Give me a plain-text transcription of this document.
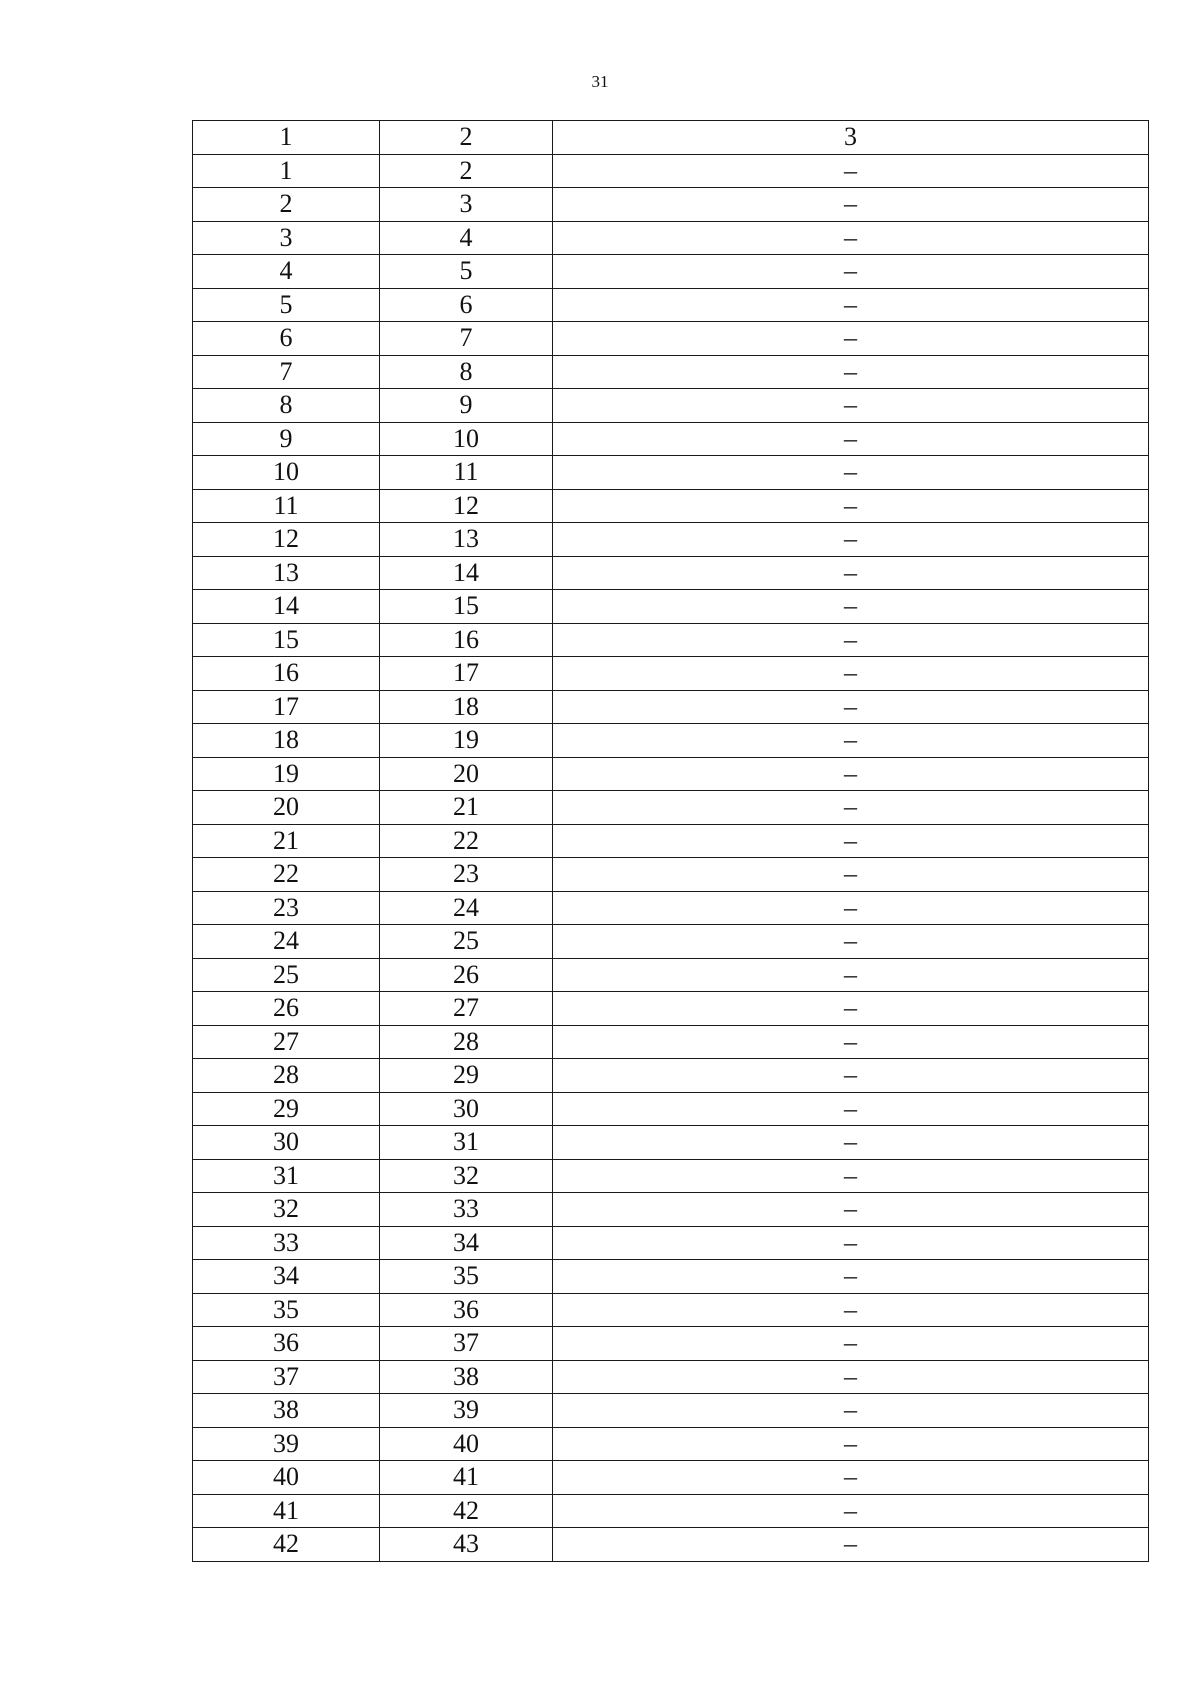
31
1	2	3
1	2	–
2	3	–
3	4	–
4	5	–
5	6	–
6	7	–
7	8	–
8	9	–
9	10	–
10	11	–
11	12	–
12	13	–
13	14	–
14	15	–
15	16	–
16	17	–
17	18	–
18	19	–
19	20	–
20	21	–
21	22	–
22	23	–
23	24	–
24	25	–
25	26	–
26	27	–
27	28	–
28	29	–
29	30	–
30	31	–
31	32	–
32	33	–
33	34	–
34	35	–
35	36	–
36	37	–
37	38	–
38	39	–
39	40	–
40	41	–
41	42	–
42	43	–
